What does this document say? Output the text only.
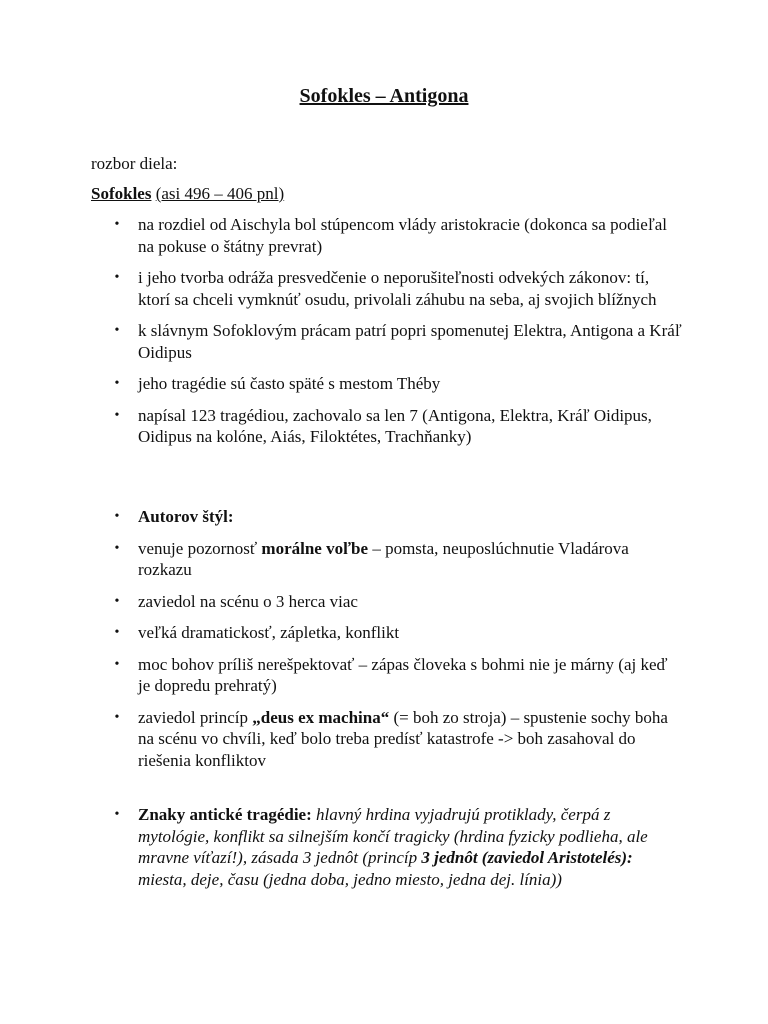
Sofokles – Antigona
rozbor diela:
Sofokles (asi 496 – 406 pnl)
• na rozdiel od Aischyla bol stúpencom vlády aristokracie (dokonca sa podieľal na pokuse o štátny prevrat)
• i jeho tvorba odráža presvedčenie o neporušiteľnosti odvekých zákonov: tí, ktorí sa chceli vymknúť osudu, privolali záhubu na seba, aj svojich blížnych
• k slávnym Sofoklovým prácam patrí popri spomenutej Elektra, Antigona a Kráľ Oidipus
• jeho tragédie sú často späté s mestom Théby
• napísal 123 tragédiou, zachovalo sa len 7 (Antigona, Elektra, Kráľ Oidipus, Oidipus na kolóne, Aiás, Filoktétes, Trachňanky)
• Autorov štýl:
• venuje pozornosť morálne voľbe – pomsta, neuposlúchnutie Vladárova rozkazu
• zaviedol na scénu o 3 herca viac
• veľká dramatickosť, zápletka, konflikt
• moc bohov príliš nerešpektovať – zápas človeka s bohmi nie je márny (aj keď je dopredu prehratý)
• zaviedol princíp „deus ex machina“ (= boh zo stroja) – spustenie sochy boha na scénu vo chvíli, keď bolo treba predísť katastrofe -> boh zasahoval do riešenia konfliktov
• Znaky antické tragédie: hlavný hrdina vyjadrujú protiklady, čerpá z mytológie, konflikt sa silnejším končí tragicky (hrdina fyzicky podlieha, ale mravne víťazí!), zásada 3 jednôt (princíp 3 jednôt (zaviedol Aristotelés): miesta, deje, času (jedna doba, jedno miesto, jedna dej. línia))
